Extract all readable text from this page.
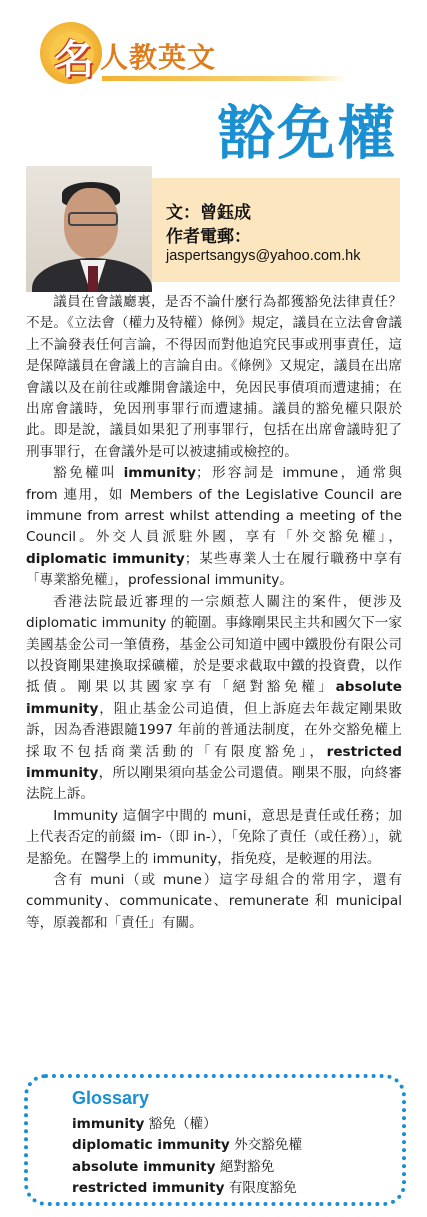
名 人教英文
豁免權
文：曾鈺成
作者電郵：
jaspertsangys@yahoo.com.hk

議員在會議廳裏，是否不論什麼行為都獲豁免法律責任？不是。《立法會（權力及特權）條例》規定，議員在立法會會議上不論發表任何言論，不得因而對他追究民事或刑事責任，這是保障議員在會議上的言論自由。《條例》又規定，議員在出席會議以及在前往或離開會議途中，免因民事債項而遭逮捕；在出席會議時，免因刑事罪行而遭逮捕。議員的豁免權只限於此。即是說，議員如果犯了刑事罪行，包括在出席會議時犯了刑事罪行，在會議外是可以被逮捕或檢控的。

豁免權叫 immunity；形容詞是 immune，通常與 from 連用，如 Members of the Legislative Council are immune from arrest whilst attending a meeting of the Council。外交人員派駐外國，享有「外交豁免權」，diplomatic immunity；某些專業人士在履行職務中享有「專業豁免權」，professional immunity。

香港法院最近審理的一宗頗惹人關注的案件，便涉及 diplomatic immunity 的範圍。事緣剛果民主共和國欠下一家美國基金公司一筆債務，基金公司知道中國中鐵股份有限公司以投資剛果建換取採礦權，於是要求截取中鐵的投資費，以作抵債。剛果以其國家享有「絕對豁免權」absolute immunity，阻止基金公司追債，但上訴庭去年裁定剛果敗訴，因為香港跟隨1997 年前的普通法制度，在外交豁免權上採取不包括商業活動的「有限度豁免」，restricted immunity，所以剛果須向基金公司還債。剛果不服，向終審法院上訴。

Immunity 這個字中間的 muni，意思是責任或任務；加上代表否定的前綴 im-（即 in-），「免除了責任（或任務）」，就是豁免。在醫學上的 immunity，指免疫，是較遲的用法。

含有 muni（或 mune）這字母組合的常用字，還有 community、communicate、remunerate 和 municipal 等，原義都和「責任」有關。

Glossary
immunity 豁免（權）
diplomatic immunity 外交豁免權
absolute immunity 絕對豁免
restricted immunity 有限度豁免
